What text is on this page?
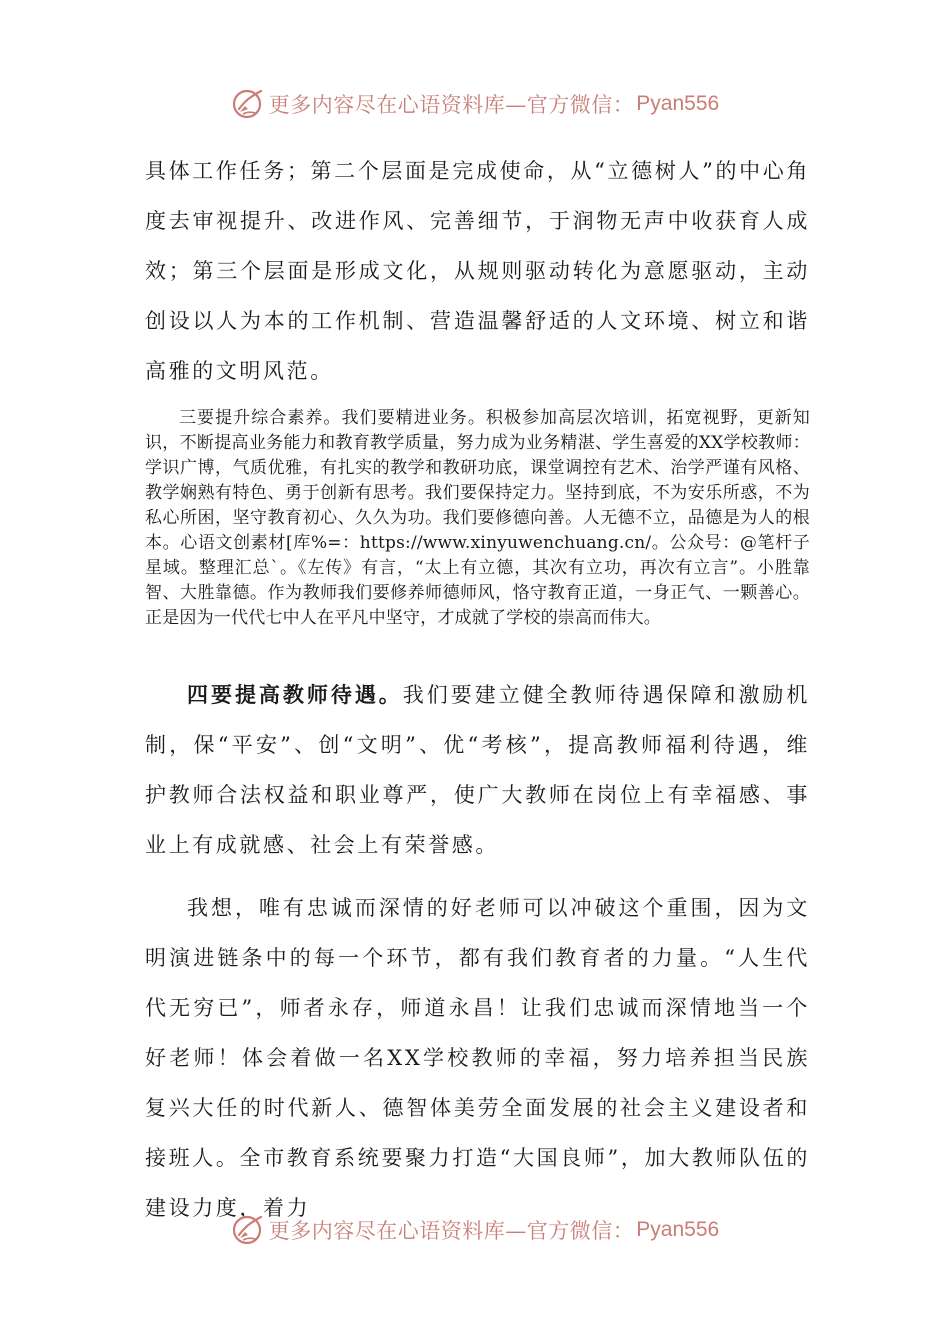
更多内容尽在心语资料库—官方微信： Pyan556

具体工作任务；第二个层面是完成使命，从“立德树人”的中心角度去审视提升、改进作风、完善细节，于润物无声中收获育人成效；第三个层面是形成文化，从规则驱动转化为意愿驱动，主动创设以人为本的工作机制、营造温馨舒适的人文环境、树立和谐高雅的文明风范。

三要提升综合素养。我们要精进业务。积极参加高层次培训，拓宽视野，更新知识，不断提高业务能力和教育教学质量，努力成为业务精湛、学生喜爱的XX学校教师：学识广博，气质优雅，有扎实的教学和教研功底，课堂调控有艺术、治学严谨有风格、教学娴熟有特色、勇于创新有思考。我们要保持定力。坚持到底，不为安乐所惑，不为私心所困，坚守教育初心、久久为功。我们要修德向善。人无德不立，品德是为人的根本。心语文创素材[库%=：https://www.xinyuwenchuang.cn/。公众号：@笔杆子星域。整理汇总`。《左传》有言，“太上有立德，其次有立功，再次有立言”。小胜靠智、大胜靠德。作为教师我们要修养师德师风，恪守教育正道，一身正气、一颗善心。正是因为一代代七中人在平凡中坚守，才成就了学校的崇高而伟大。

四要提高教师待遇。我们要建立健全教师待遇保障和激励机制，保“平安”、创“文明”、优“考核”，提高教师福利待遇，维护教师合法权益和职业尊严，使广大教师在岗位上有幸福感、事业上有成就感、社会上有荣誉感。

我想，唯有忠诚而深情的好老师可以冲破这个重围，因为文明演进链条中的每一个环节，都有我们教育者的力量。“人生代代无穷已”，师者永存，师道永昌！让我们忠诚而深情地当一个好老师！体会着做一名XX学校教师的幸福，努力培养担当民族复兴大任的时代新人、德智体美劳全面发展的社会主义建设者和接班人。全市教育系统要聚力打造“大国良师”，加大教师队伍的建设力度，着力

更多内容尽在心语资料库—官方微信： Pyan556
